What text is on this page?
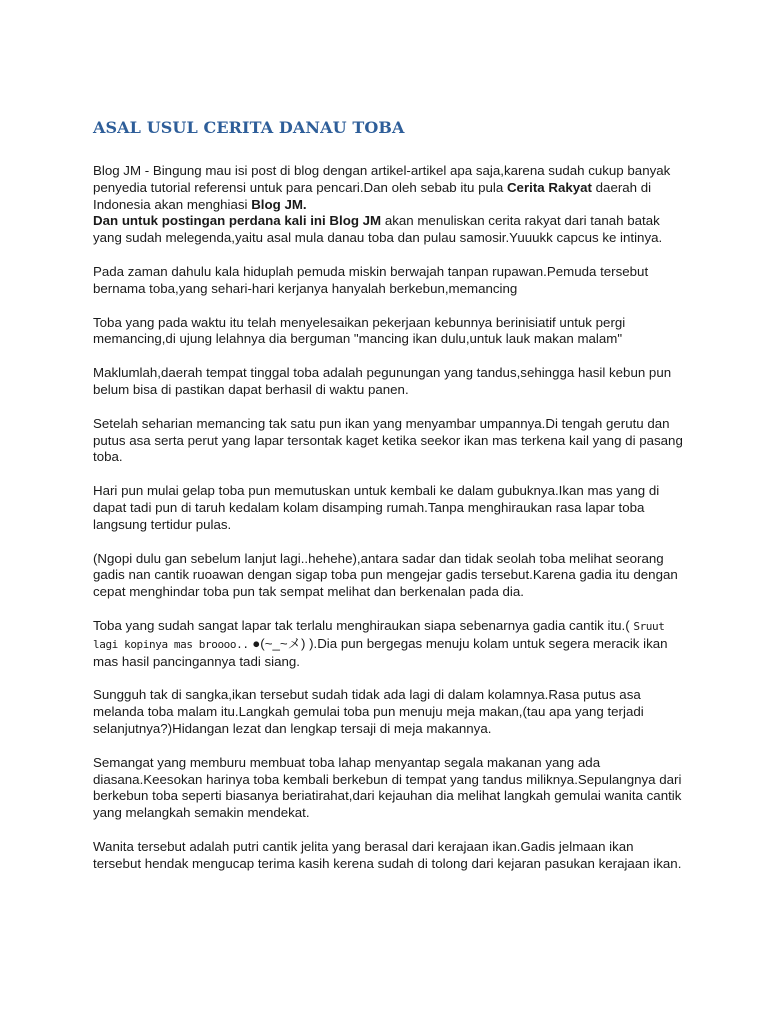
ASAL USUL CERITA DANAU TOBA

Blog JM - Bingung mau isi post di blog dengan artikel-artikel apa saja,karena sudah cukup banyak penyedia tutorial referensi untuk para pencari.Dan oleh sebab itu pula Cerita Rakyat daerah di Indonesia akan menghiasi Blog JM.
Dan untuk postingan perdana kali ini Blog JM akan menuliskan cerita rakyat dari tanah batak yang sudah melegenda,yaitu asal mula danau toba dan pulau samosir.Yuuukk capcus ke intinya.

Pada zaman dahulu kala hiduplah pemuda miskin berwajah tanpan rupawan.Pemuda tersebut bernama toba,yang sehari-hari kerjanya hanyalah berkebun,memancing

Toba yang pada waktu itu telah menyelesaikan pekerjaan kebunnya berinisiatif untuk pergi memancing,di ujung lelahnya dia berguman "mancing ikan dulu,untuk lauk makan malam"

Maklumlah,daerah tempat tinggal toba adalah pegunungan yang tandus,sehingga hasil kebun pun belum bisa di pastikan dapat berhasil di waktu panen.

Setelah seharian memancing tak satu pun ikan yang menyambar umpannya.Di tengah gerutu dan putus asa serta perut yang lapar tersontak kaget ketika seekor ikan mas terkena kail yang di pasang toba.

Hari pun mulai gelap toba pun memutuskan untuk kembali ke dalam gubuknya.Ikan mas yang di dapat tadi pun di taruh kedalam kolam disamping rumah.Tanpa menghiraukan rasa lapar toba langsung tertidur pulas.

(Ngopi dulu gan sebelum lanjut lagi..hehehe),antara sadar dan tidak seolah toba melihat seorang gadis nan cantik ruoawan dengan sigap toba pun mengejar gadis tersebut.Karena gadia itu dengan cepat menghindar toba pun tak sempat melihat dan berkenalan pada dia.

Toba yang sudah sangat lapar tak terlalu menghiraukan siapa sebenarnya gadia cantik itu.( Sruut lagi kopinya mas broooo.. ●(~_~メ) ).Dia pun bergegas menuju kolam untuk segera meracik ikan mas hasil pancingannya tadi siang.

Sungguh tak di sangka,ikan tersebut sudah tidak ada lagi di dalam kolamnya.Rasa putus asa melanda toba malam itu.Langkah gemulai toba pun menuju meja makan,(tau apa yang terjadi selanjutnya?)Hidangan lezat dan lengkap tersaji di meja makannya.

Semangat yang memburu membuat toba lahap menyantap segala makanan yang ada diasana.Keesokan harinya toba kembali berkebun di tempat yang tandus miliknya.Sepulangnya dari berkebun toba seperti biasanya beriatirahat,dari kejauhan dia melihat langkah gemulai wanita cantik yang melangkah semakin mendekat.

Wanita tersebut adalah putri cantik jelita yang berasal dari kerajaan ikan.Gadis jelmaan ikan tersebut hendak mengucap terima kasih kerena sudah di tolong dari kejaran pasukan kerajaan ikan.
